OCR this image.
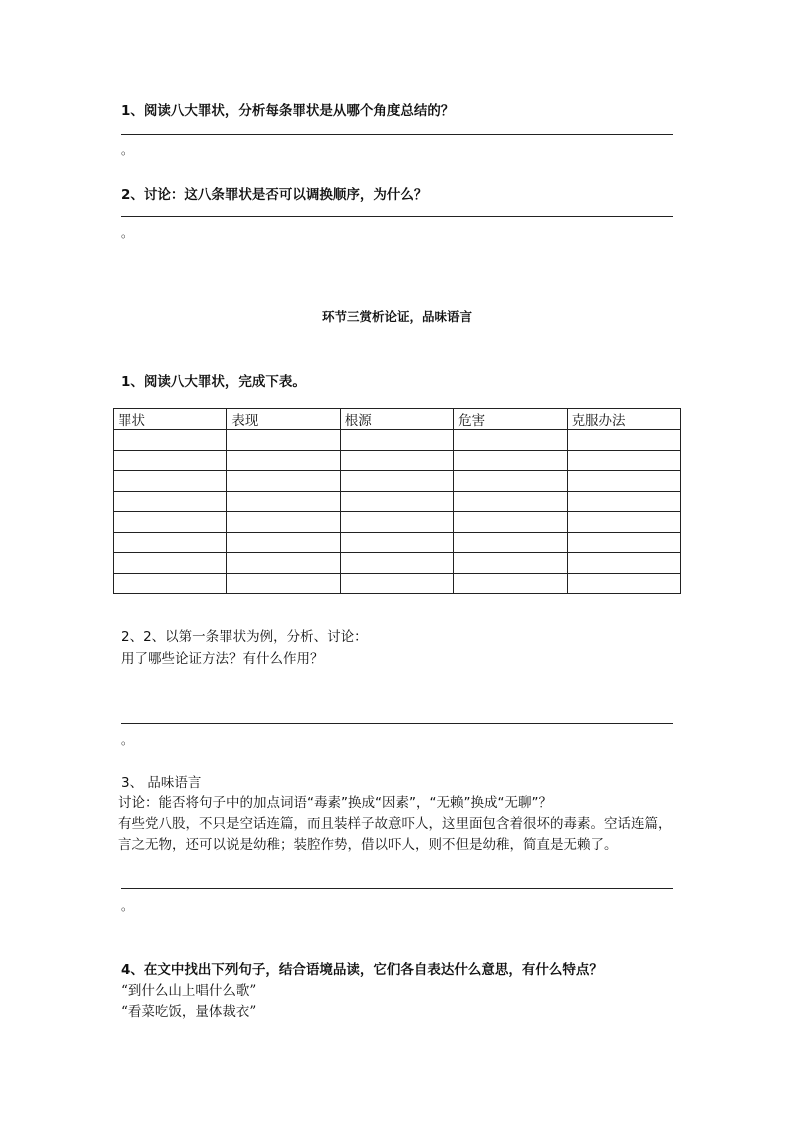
1、阅读八大罪状，分析每条罪状是从哪个角度总结的？
。
2、讨论：这八条罪状是否可以调换顺序，为什么？
。
环节三赏析论证，品味语言
1、阅读八大罪状，完成下表。
罪状	表现	根源	危害	克服办法

2、2、以第一条罪状为例，分析、讨论：
用了哪些论证方法？有什么作用？
。
3、 品味语言
讨论：能否将句子中的加点词语“毒素”换成“因素”，“无赖”换成“无聊”？
有些党八股，不只是空话连篇，而且装样子故意吓人，这里面包含着很坏的毒素。空话连篇，
言之无物，还可以说是幼稚；装腔作势，借以吓人，则不但是幼稚，简直是无赖了。
。
4、在文中找出下列句子，结合语境品读，它们各自表达什么意思，有什么特点？
“到什么山上唱什么歌”
“看菜吃饭，量体裁衣”
